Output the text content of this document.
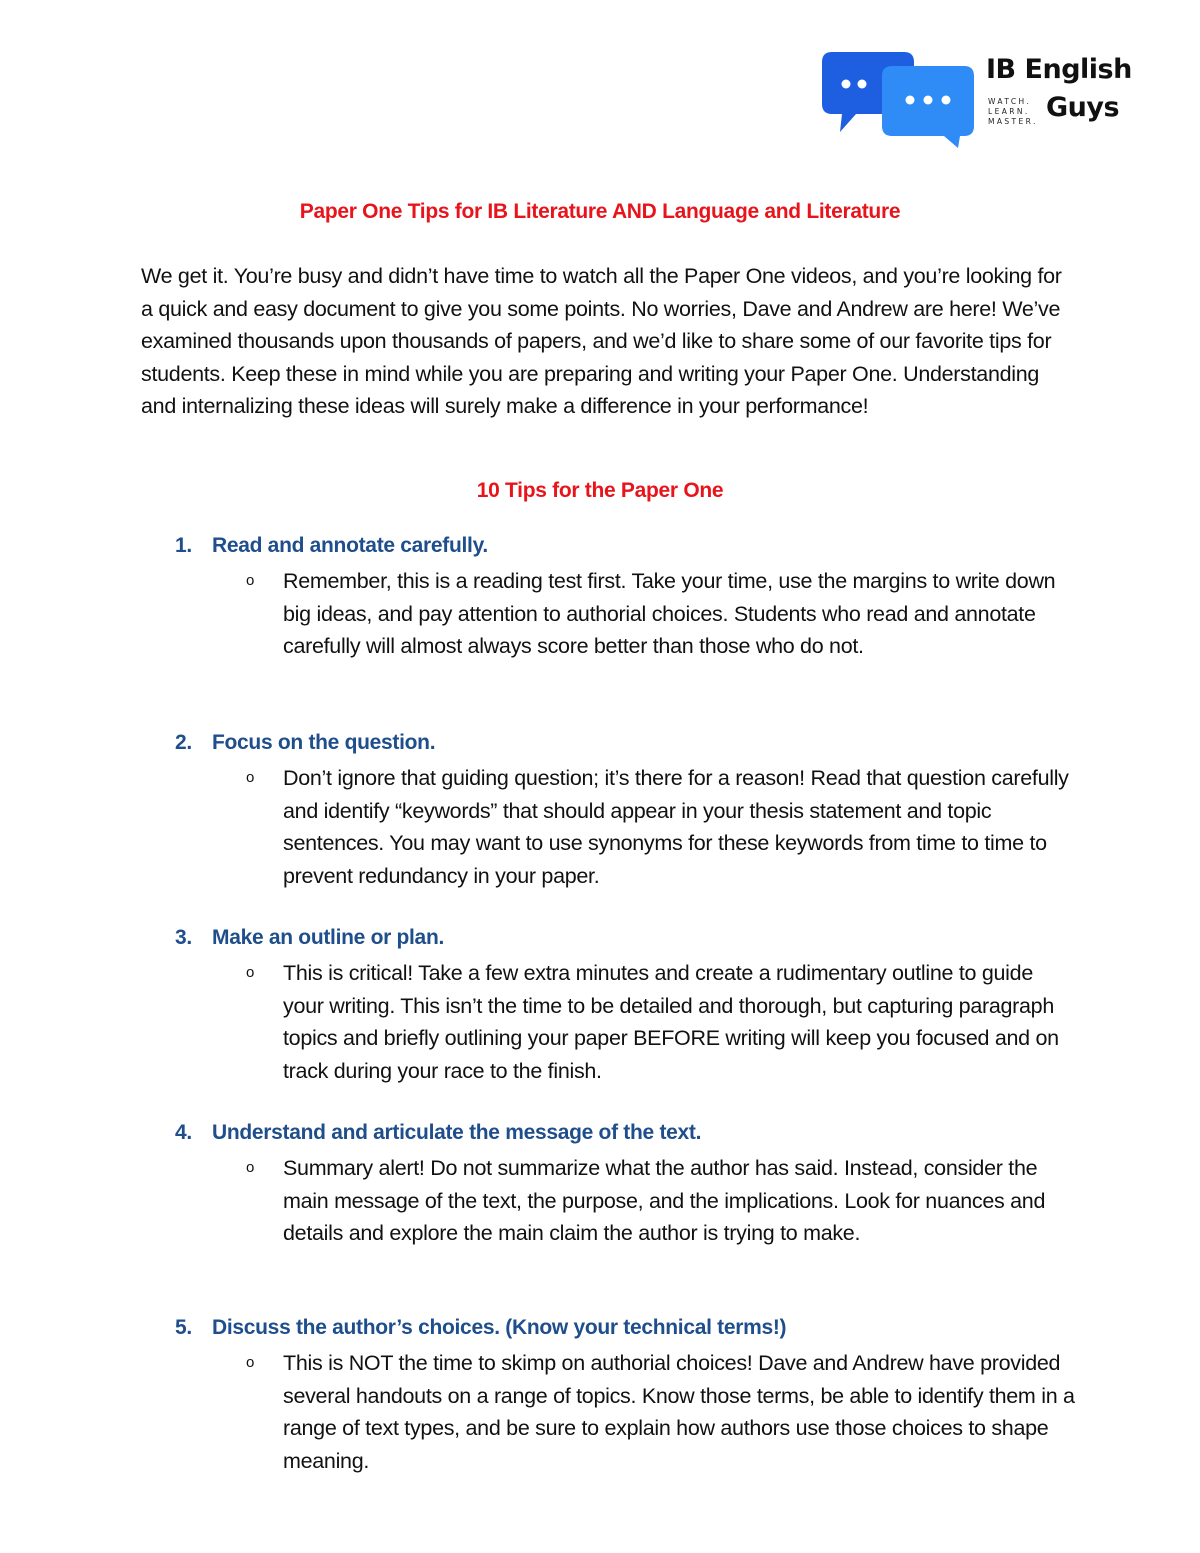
IB English
WATCH.
LEARN.
MASTER. Guys
Paper One Tips for IB Literature AND Language and Literature

We get it. You’re busy and didn’t have time to watch all the Paper One videos, and you’re looking for a quick and easy document to give you some points. No worries, Dave and Andrew are here! We’ve examined thousands upon thousands of papers, and we’d like to share some of our favorite tips for students. Keep these in mind while you are preparing and writing your Paper One. Understanding and internalizing these ideas will surely make a difference in your performance!

10 Tips for the Paper One
1. Read and annotate carefully.
o	Remember, this is a reading test first. Take your time, use the margins to write down big ideas, and pay attention to authorial choices. Students who read and annotate carefully will almost always score better than those who do not.
2. Focus on the question.
o	Don’t ignore that guiding question; it’s there for a reason! Read that question carefully and identify “keywords” that should appear in your thesis statement and topic sentences. You may want to use synonyms for these keywords from time to time to prevent redundancy in your paper.
3. Make an outline or plan.
o	This is critical! Take a few extra minutes and create a rudimentary outline to guide your writing. This isn’t the time to be detailed and thorough, but capturing paragraph topics and briefly outlining your paper BEFORE writing will keep you focused and on track during your race to the finish.
4. Understand and articulate the message of the text.
o	Summary alert! Do not summarize what the author has said. Instead, consider the main message of the text, the purpose, and the implications. Look for nuances and details and explore the main claim the author is trying to make.
5. Discuss the author’s choices. (Know your technical terms!)
o	This is NOT the time to skimp on authorial choices! Dave and Andrew have provided several handouts on a range of topics. Know those terms, be able to identify them in a range of text types, and be sure to explain how authors use those choices to shape meaning.
